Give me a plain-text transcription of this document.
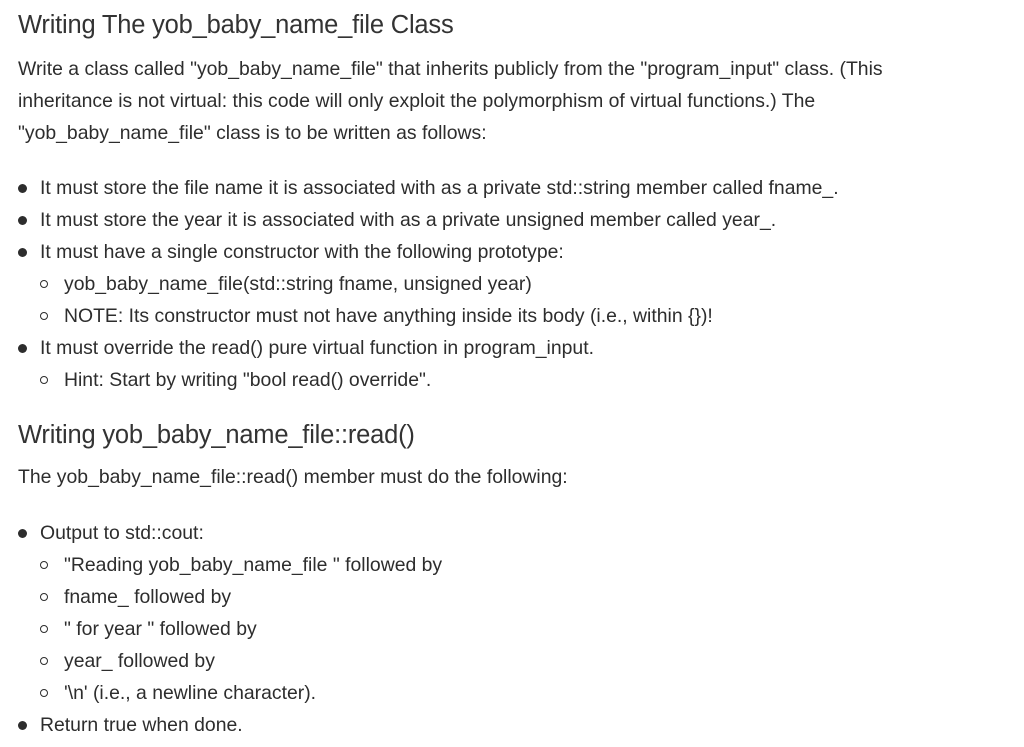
Writing The yob_baby_name_file Class

Write a class called "yob_baby_name_file" that inherits publicly from the "program_input" class. (This

inheritance is not virtual: this code will only exploit the polymorphism of virtual functions.) The

"yob_baby_name_file" class is to be written as follows:

It must store the file name it is associated with as a private std::string member called fname_.
It must store the year it is associated with as a private unsigned member called year_.
It must have a single constructor with the following prototype:
yob_baby_name_file(std::string fname, unsigned year)
NOTE: Its constructor must not have anything inside its body (i.e., within {})!
It must override the read() pure virtual function in program_input.
Hint: Start by writing "bool read() override".
Writing yob_baby_name_file::read()

The yob_baby_name_file::read() member must do the following:

Output to std::cout:
"Reading yob_baby_name_file " followed by
fname_ followed by
" for year " followed by
year_ followed by
'\n' (i.e., a newline character).
Return true when done.
